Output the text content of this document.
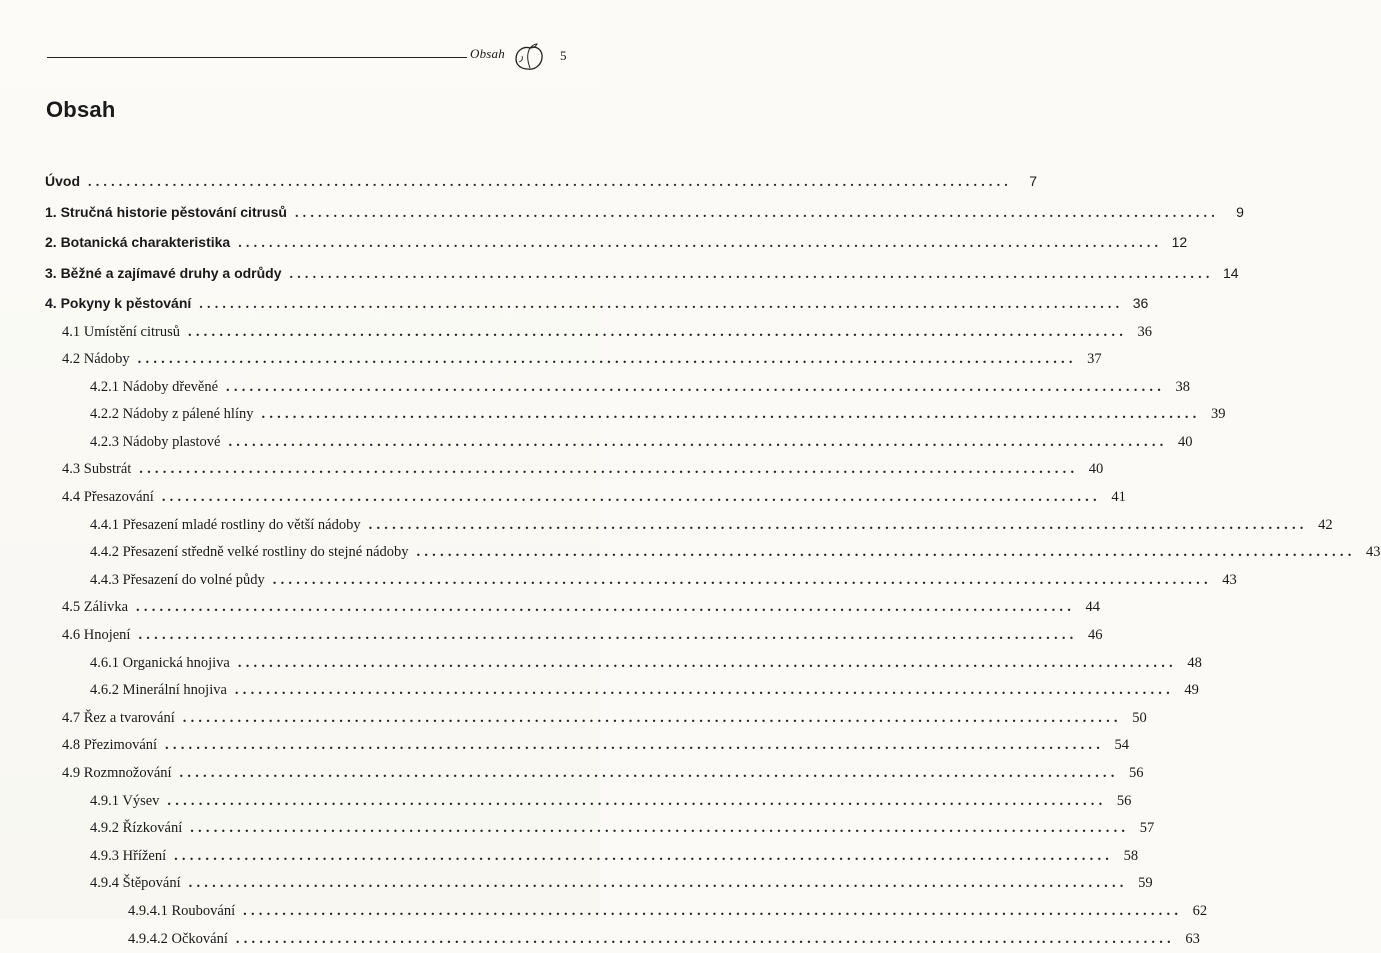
Obsah	5
Obsah
Úvod ........................................................................................................................	7
1. Stručná historie pěstování citrusů ........................................................................................................................	9
2. Botanická charakteristika ........................................................................................................................ 12
3. Běžné a zajímavé druhy a odrůdy ........................................................................................................................ 14
4. Pokyny k pěstování ........................................................................................................................ 36
4.1 Umístění citrusů ........................................................................................................................ 36
4.2 Nádoby ........................................................................................................................ 37
4.2.1 Nádoby dřevěné ........................................................................................................................ 38
4.2.2 Nádoby z pálené hlíny ........................................................................................................................ 39
4.2.3 Nádoby plastové ........................................................................................................................ 40
4.3 Substrát ........................................................................................................................ 40
4.4 Přesazování ........................................................................................................................ 41
4.4.1 Přesazení mladé rostliny do větší nádoby ........................................................................................................................ 42
4.4.2 Přesazení středně velké rostliny do stejné nádoby ........................................................................................................................ 43
4.4.3 Přesazení do volné půdy ........................................................................................................................ 43
4.5 Zálivka ........................................................................................................................ 44
4.6 Hnojení ........................................................................................................................ 46
4.6.1 Organická hnojiva ........................................................................................................................ 48
4.6.2 Minerální hnojiva ........................................................................................................................ 49
4.7 Řez a tvarování ........................................................................................................................ 50
4.8 Přezimování ........................................................................................................................ 54
4.9 Rozmnožování ........................................................................................................................ 56
4.9.1 Výsev ........................................................................................................................ 56
4.9.2 Řízkování ........................................................................................................................ 57
4.9.3 Hřížení ........................................................................................................................ 58
4.9.4 Štěpování ........................................................................................................................ 59
4.9.4.1 Roubování ........................................................................................................................ 62
4.9.4.2 Očkování ........................................................................................................................ 63
